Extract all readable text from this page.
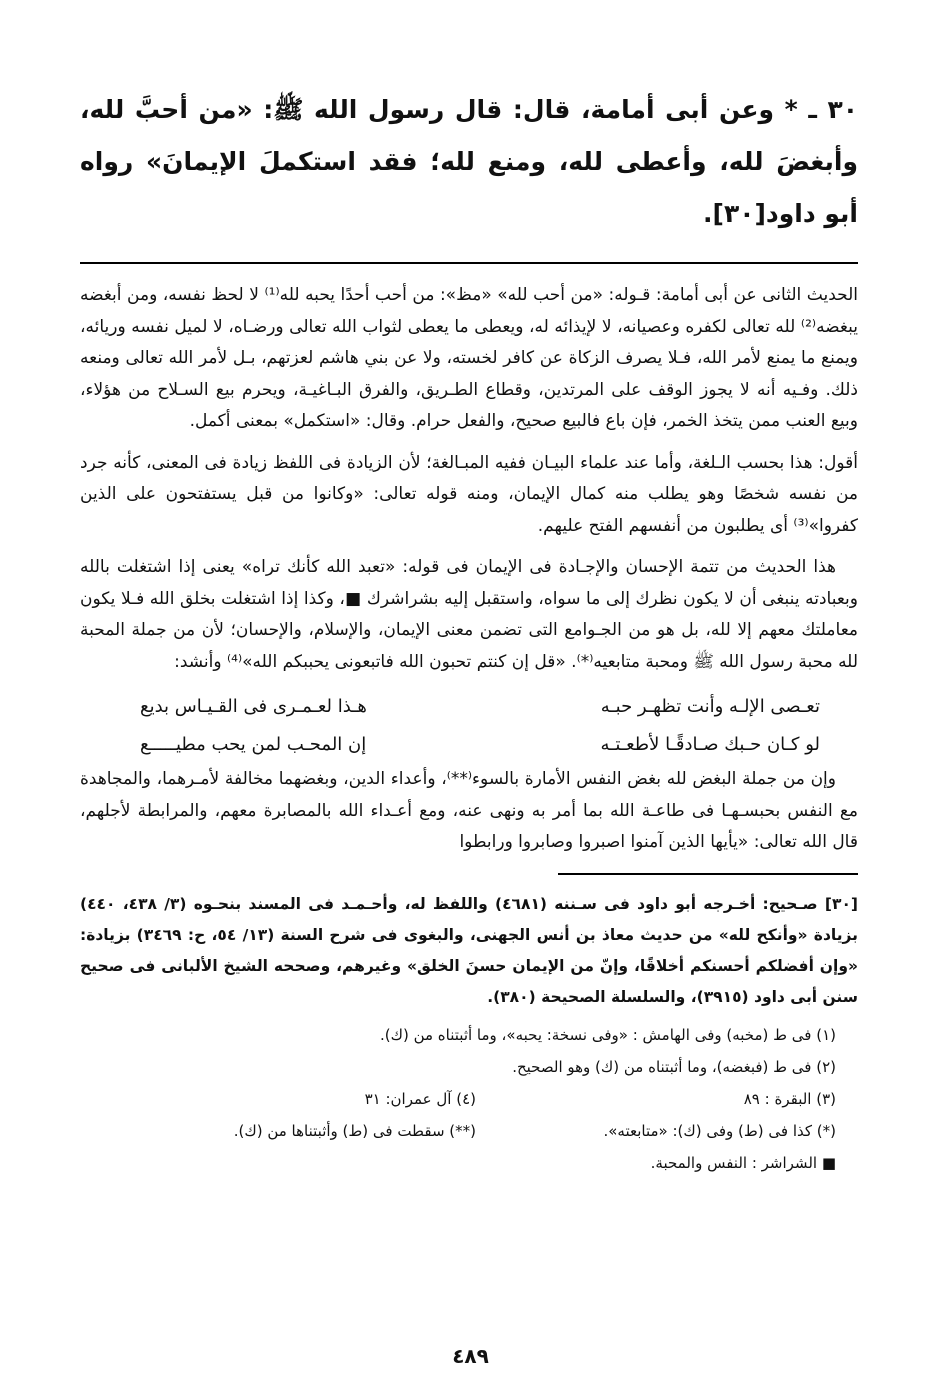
٣٠ ـ * وعن أبى أمامة، قال: قال رسول الله ﷺ: «من أحبَّ لله، وأبغضَ لله، وأعطى لله، ومنع لله؛ فقد استكملَ الإيمانَ» رواه أبو داود[٣٠].

الحديث الثانى عن أبى أمامة: قـوله: «من أحب لله» «مظ»: من أحب أحدًا يحبه لله⁽¹⁾ لا لحظ نفسه، ومن أبغضه يبغضه⁽²⁾ لله تعالى لكفره وعصيانه، لا لإيذائه له، ويعطى ما يعطى لثواب الله تعالى ورضـاه، لا لميل نفسه وريائه، ويمنع ما يمنع لأمر الله، فـلا يصرف الزكاة عن كافر لخسته، ولا عن بني هاشم لعزتهم، بـل لأمر الله تعالى ومنعه ذلك. وفـيه أنه لا يجوز الوقف على المرتدين، وقطاع الطـريق، والفرق البـاغيـة، ويحرم بيع السـلاح من هؤلاء، وبيع العنب ممن يتخذ الخمر، فإن باع فالبيع صحيح، والفعل حرام. وقال: «استكمل» بمعنى أكمل.

أقول: هذا بحسب الـلغة، وأما عند علماء البيـان ففيه المبـالغة؛ لأن الزيادة فى اللفظ زيادة فى المعنى، كأنه جرد من نفسه شخصًا وهو يطلب منه كمال الإيمان، ومنه قوله تعالى: «وكانوا من قبل يستفتحون على الذين كفروا»⁽³⁾ أى يطلبون من أنفسهم الفتح عليهم.

هذا الحديث من تتمة الإحسان والإجـادة فى الإيمان فى قوله: «تعبد الله كأنك تراه» يعنى إذا اشتغلت بالله وبعبادته ينبغى أن لا يكون نظرك إلى ما سواه، واستقبل إليه بشراشرك ■، وكذا إذا اشتغلت بخلق الله فـلا يكون معاملتك معهم إلا لله، بل هو من الجـوامع التى تضمن معنى الإيمان، والإسلام، والإحسان؛ لأن من جملة المحبة لله محبة رسول الله ﷺ ومحبة متابعيه⁽*⁾. «قل إن كنتم تحبون الله فاتبعونى يحببكم الله»⁽⁴⁾ وأنشد:

تعـصى الإلـه وأنت تظهـر حبـه
هـذا لعـمـرى فى القـيـاس بديع
لو كـان حـبك صـادقًـا لأطعـتـه
إن المحـب لمن يحب مطيـــــع

وإن من جملة البغض لله بغض النفس الأمارة بالسوء⁽**⁾، وأعداء الدين، وبغضهما مخالفة لأمـرهما، والمجاهدة مع النفس بحبسـهـا فى طاعـة الله بما أمر به ونهى عنه، ومع أعـداء الله بالمصابرة معهم، والمرابطة لأجلهم، قال الله تعالى: «يأيها الذين آمنوا اصبروا وصابروا ورابطوا

[٣٠] صـحيح: أخـرجه أبو داود فى سـننه (٤٦٨١) واللفظ له، وأحـمـد فى المسند بنحـوه (٣/ ٤٣٨، ٤٤٠) بزيادة «وأنكح لله» من حديث معاذ بن أنس الجهنى، والبغوى فى شرح السنة (١٣/ ٥٤، ح: ٣٤٦٩) بزيادة: «وإن أفضلكم أحسنكم أخلاقًا، وإنّ من الإيمان حسنَ الخلق» وغيرهم، وصححه الشيخ الألبانى فى صحيح سنن أبى داود (٣٩١٥)، والسلسلة الصحيحة (٣٨٠).
(١) فى ط (مخبه) وفى الهامش : «وفى نسخة: يحبه»، وما أثبتناه من (ك).
(٢) فى ط (فبغضه)، وما أثبتناه من (ك) وهو الصحيح.
(٣) البقرة : ٨٩
(٤) آل عمران: ٣١
(*) كذا فى (ط) وفى (ك): «متابعته».
(**) سقطت فى (ط) وأثبتناها من (ك).
■ الشراشر : النفس والمحبة.
٤٨٩
